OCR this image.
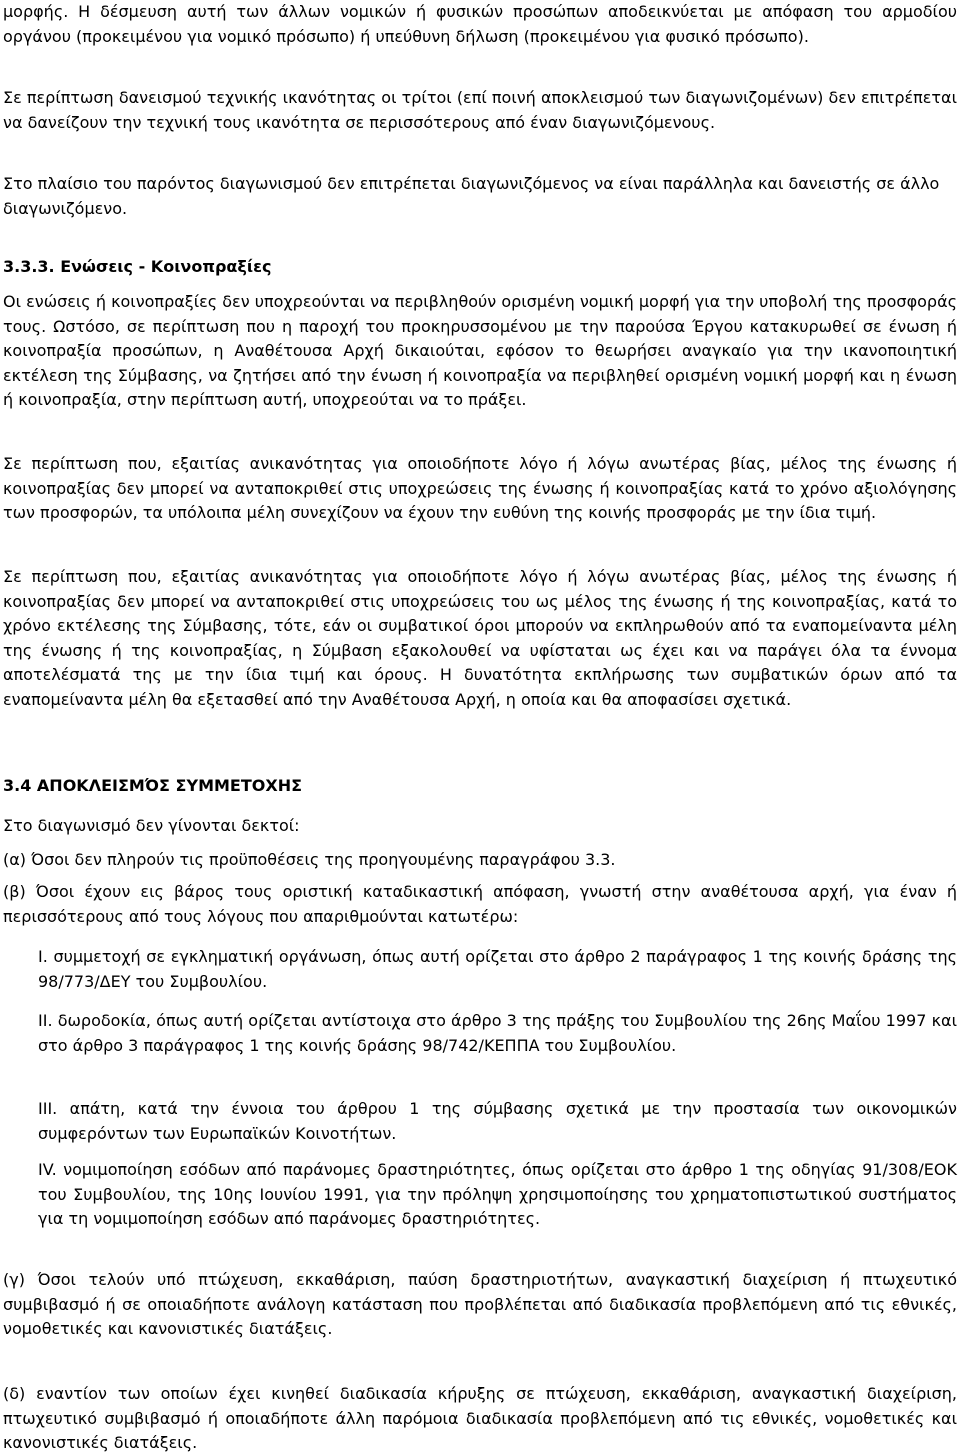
μορφής. Η δέσμευση αυτή των άλλων νομικών ή φυσικών προσώπων αποδεικνύεται με απόφαση του αρμοδίου οργάνου (προκειμένου για νομικό πρόσωπο) ή υπεύθυνη δήλωση (προκειμένου για φυσικό πρόσωπο).

Σε περίπτωση δανεισμού τεχνικής ικανότητας οι τρίτοι (επί ποινή αποκλεισμού των διαγωνιζομένων) δεν επιτρέπεται να δανείζουν την τεχνική τους ικανότητα σε περισσότερους από έναν διαγωνιζόμενους.

Στο πλαίσιο του παρόντος διαγωνισμού δεν επιτρέπεται διαγωνιζόμενος να είναι παράλληλα και δανειστής σε άλλο διαγωνιζόμενο.

3.3.3. Ενώσεις - Κοινοπραξίες

Οι ενώσεις ή κοινοπραξίες δεν υποχρεούνται να περιβληθούν ορισμένη νομική μορφή για την υποβολή της προσφοράς τους. Ωστόσο, σε περίπτωση που η παροχή του προκηρυσσομένου με την παρούσα Έργου κατακυρωθεί σε ένωση ή κοινοπραξία προσώπων, η Αναθέτουσα Αρχή δικαιούται, εφόσον το θεωρήσει αναγκαίο για την ικανοποιητική εκτέλεση της Σύμβασης, να ζητήσει από την ένωση ή κοινοπραξία να περιβληθεί ορισμένη νομική μορφή και η ένωση ή κοινοπραξία, στην περίπτωση αυτή, υποχρεούται να το πράξει.

Σε περίπτωση που, εξαιτίας ανικανότητας για οποιοδήποτε λόγο ή λόγω ανωτέρας βίας, μέλος της ένωσης ή κοινοπραξίας δεν μπορεί να ανταποκριθεί στις υποχρεώσεις της ένωσης ή κοινοπραξίας κατά το χρόνο αξιολόγησης των προσφορών, τα υπόλοιπα μέλη συνεχίζουν να έχουν την ευθύνη της κοινής προσφοράς με την ίδια τιμή.

Σε περίπτωση που, εξαιτίας ανικανότητας για οποιοδήποτε λόγο ή λόγω ανωτέρας βίας, μέλος της ένωσης ή κοινοπραξίας δεν μπορεί να ανταποκριθεί στις υποχρεώσεις του ως μέλος της ένωσης ή της κοινοπραξίας, κατά το χρόνο εκτέλεσης της Σύμβασης, τότε, εάν οι συμβατικοί όροι μπορούν να εκπληρωθούν από τα εναπομείναντα μέλη της ένωσης ή της κοινοπραξίας, η Σύμβαση εξακολουθεί να υφίσταται ως έχει και να παράγει όλα τα έννομα αποτελέσματά της με την ίδια τιμή και όρους. Η δυνατότητα εκπλήρωσης των συμβατικών όρων από τα εναπομείναντα μέλη θα εξετασθεί από την Αναθέτουσα Αρχή, η οποία και θα αποφασίσει σχετικά.

3.4 ΑΠΟΚΛΕΙΣΜΌΣ ΣΥΜΜΕΤΟΧΗΣ

Στο διαγωνισμό δεν γίνονται δεκτοί:

(α) Όσοι δεν πληρούν τις προϋποθέσεις της προηγουμένης παραγράφου 3.3.

(β) Όσοι έχουν εις βάρος τους οριστική καταδικαστική απόφαση, γνωστή στην αναθέτουσα αρχή, για έναν ή περισσότερους από τους λόγους που απαριθμούνται κατωτέρω:

I. συμμετοχή σε εγκληματική οργάνωση, όπως αυτή ορίζεται στο άρθρο 2 παράγραφος 1 της κοινής δράσης της 98/773/ΔΕΥ του Συμβουλίου.

II. δωροδοκία, όπως αυτή ορίζεται αντίστοιχα στο άρθρο 3 της πράξης του Συμβουλίου της 26ης Μαΐου 1997 και στο άρθρο 3 παράγραφος 1 της κοινής δράσης 98/742/ΚΕΠΠΑ του Συμβουλίου.

III. απάτη, κατά την έννοια του άρθρου 1 της σύμβασης σχετικά με την προστασία των οικονομικών συμφερόντων των Ευρωπαϊκών Κοινοτήτων.

IV. νομιμοποίηση εσόδων από παράνομες δραστηριότητες, όπως ορίζεται στο άρθρο 1 της οδηγίας 91/308/ΕΟΚ του Συμβουλίου, της 10ης Ιουνίου 1991, για την πρόληψη χρησιμοποίησης του χρηματοπιστωτικού συστήματος για τη νομιμοποίηση εσόδων από παράνομες δραστηριότητες.

(γ) Όσοι τελούν υπό πτώχευση, εκκαθάριση, παύση δραστηριοτήτων, αναγκαστική διαχείριση ή πτωχευτικό συμβιβασμό ή σε οποιαδήποτε ανάλογη κατάσταση που προβλέπεται από διαδικασία προβλεπόμενη από τις εθνικές, νομοθετικές και κανονιστικές διατάξεις.

(δ) εναντίον των οποίων έχει κινηθεί διαδικασία κήρυξης σε πτώχευση, εκκαθάριση, αναγκαστική διαχείριση, πτωχευτικό συμβιβασμό ή οποιαδήποτε άλλη παρόμοια διαδικασία προβλεπόμενη από τις εθνικές, νομοθετικές και κανονιστικές διατάξεις.
